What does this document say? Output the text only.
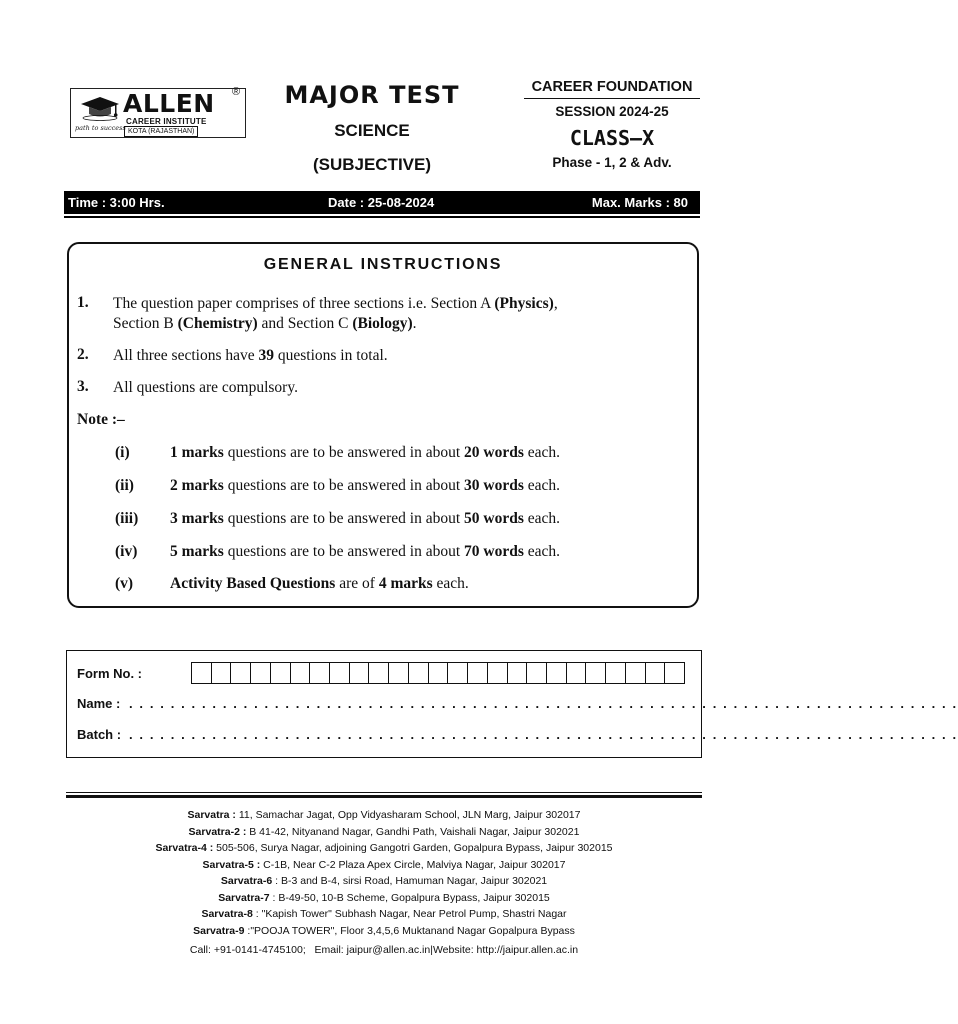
path to success
ALLEN
CAREER INSTITUTE
KOTA (RAJASTHAN)
®	MAJOR TEST
SCIENCE
(SUBJECTIVE)
CAREER FOUNDATION
SESSION 2024-25
CLASS–X
Phase - 1, 2 & Adv.
Time : 3:00 Hrs.	Date : 25-08-2024	Max. Marks : 80
GENERAL INSTRUCTIONS
1. The question paper comprises of three sections i.e. Section A (Physics),
Section B (Chemistry) and Section C (Biology).
2. All three sections have 39 questions in total.
3. All questions are compulsory.
Note :–
(i)	1 marks questions are to be answered in about 20 words each.
(ii) 2 marks questions are to be answered in about 30 words each.
(iii) 3 marks questions are to be answered in about 50 words each.
(iv) 5 marks questions are to be answered in about 70 words each.
(v) Activity Based Questions are of 4 marks each.
Form No. :
Name : . . . . . . . . . . . . . . . . . . . . . . . . . . . . . . . . . . . . . . . . . . . . . . . . . . . . . . . . . . . . . . . . . . . . . . . . . . . . . . . .
Batch : . . . . . . . . . . . . . . . . . . . . . . . . . . . . . . . . . . . . . . . . . . . . . . . . . . . . . . . . . . . . . . . . . . . . . . . . . . . . . . . .
Sarvatra : 11, Samachar Jagat, Opp Vidyasharam School, JLN Marg, Jaipur 302017
Sarvatra-2 : B 41-42, Nityanand Nagar, Gandhi Path, Vaishali Nagar, Jaipur 302021
Sarvatra-4 : 505-506, Surya Nagar, adjoining Gangotri Garden, Gopalpura Bypass, Jaipur 302015
Sarvatra-5 : C-1B, Near C-2 Plaza Apex Circle, Malviya Nagar, Jaipur 302017
Sarvatra-6 : B-3 and B-4, sirsi Road, Hamuman Nagar, Jaipur 302021
Sarvatra-7 : B-49-50, 10-B Scheme, Gopalpura Bypass, Jaipur 302015
Sarvatra-8 : "Kapish Tower" Subhash Nagar, Near Petrol Pump, Shastri Nagar
Sarvatra-9 :"POOJA TOWER", Floor 3,4,5,6 Muktanand Nagar Gopalpura Bypass
Call: +91-0141-4745100;   Email: jaipur@allen.ac.in|Website: http://jaipur.allen.ac.in
